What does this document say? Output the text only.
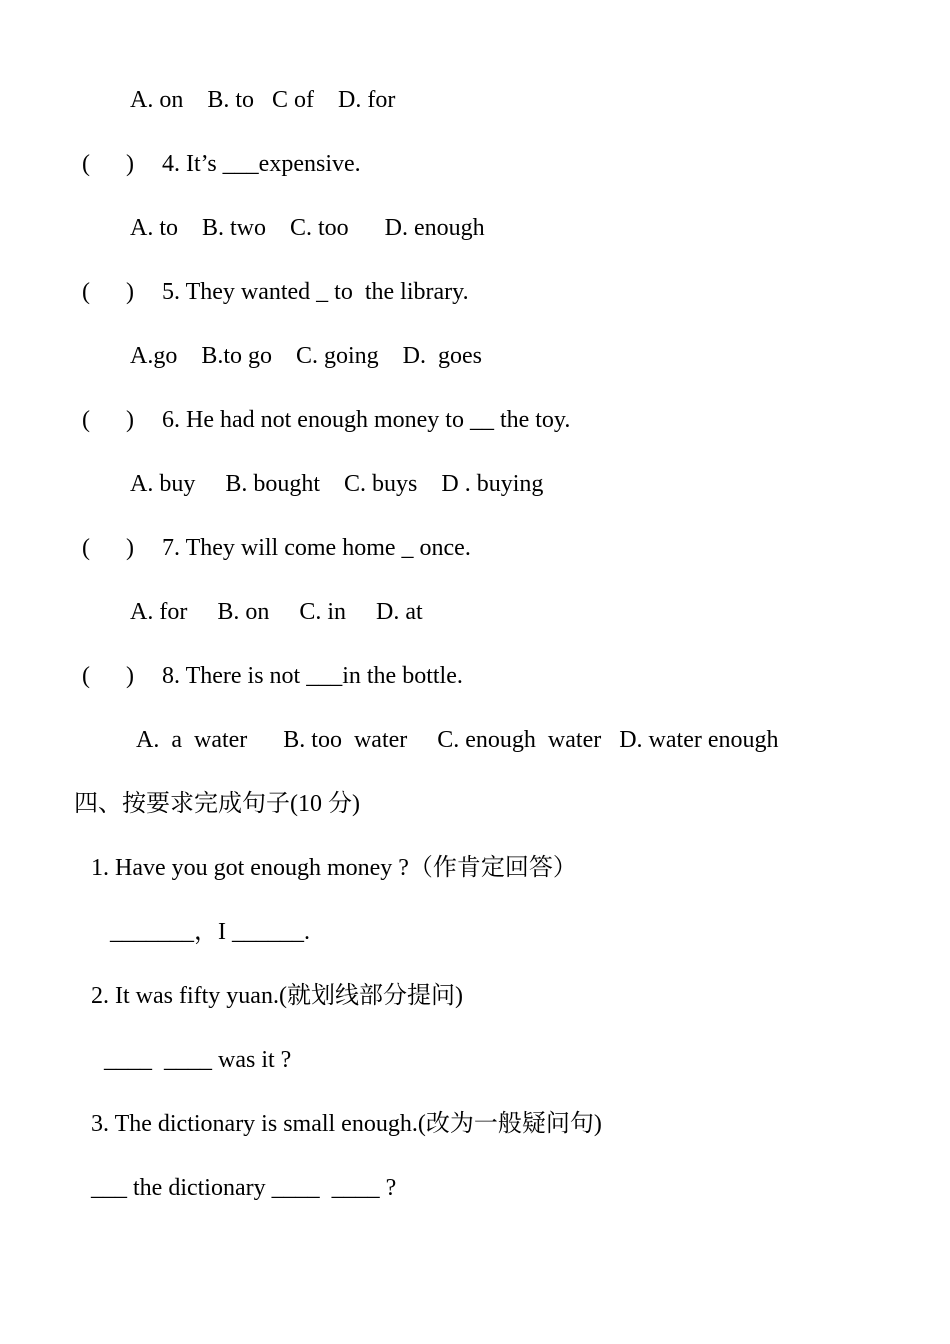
A. on    B. to   C of    D. for
(      ) 4. It’s ___expensive.
A. to    B. two    C. too      D. enough
(      ) 5. They wanted _ to  the library.
A.go    B.to go    C. going    D.  goes
(      ) 6. He had not enough money to __ the toy.
A. buy     B. bought    C. buys    D . buying
(      ) 7. They will come home _ once.
A. for     B. on     C. in     D. at
(      ) 8. There is not ___in the bottle.
A.  a  water      B. too  water     C. enough  water   D. water enough
四、按要求完成句子(10 分)
1. Have you got enough money ?（作肯定回答）
_______，I ______.
2. It was fifty yuan.(就划线部分提问)
____  ____ was it ?
3. The dictionary is small enough.(改为一般疑问句)
___ the dictionary ____  ____ ?
